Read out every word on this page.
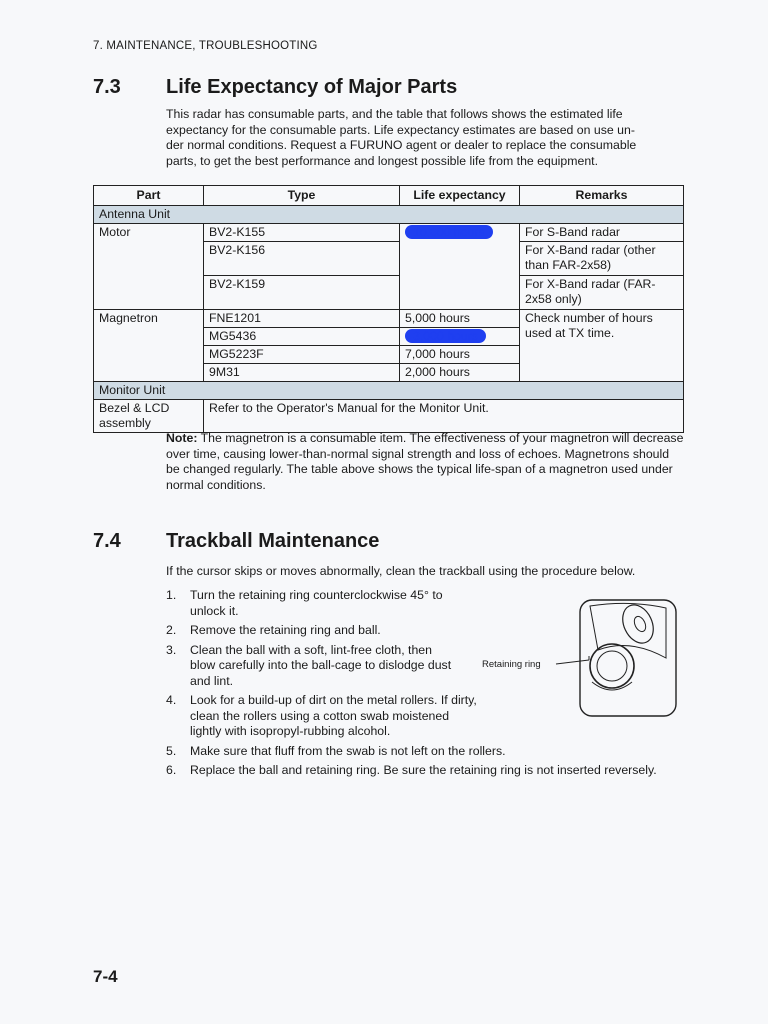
7. MAINTENANCE, TROUBLESHOOTING
7.3 Life Expectancy of Major Parts

This radar has consumable parts, and the table that follows shows the estimated life

expectancy for the consumable parts. Life expectancy estimates are based on use un-

der normal conditions. Request a FURUNO agent or dealer to replace the consumable

parts, to get the best performance and longest possible life from the equipment.

Part	Type	Life expectancy	Remarks
Antenna Unit			
Motor	BV2-K155	10,000 hours	For S-Band radar
	BV2-K156		For X-Band radar (other than FAR-2x58)
	BV2-K159		For X-Band radar (FAR-2x58 only)
Magnetron	FNE1201	5,000 hours	Check number of hours used at TX time.
	MG5436	3,000 hours	
	MG5223F	7,000 hours	
	9M31	2,000 hours	
Monitor Unit			
Bezel & LCD assembly	Refer to the Operator's Manual for the Monitor Unit.		
Note: The magnetron is a consumable item. The effectiveness of your magnetron will decrease over time, causing lower-than-normal signal strength and loss of echoes. Magnetrons should be changed regularly. The table above shows the typical life-span of a magnetron used under normal conditions.
7.4 Trackball Maintenance
If the cursor skips or moves abnormally, clean the trackball using the procedure below.
1. Turn the retaining ring counterclockwise 45° to unlock it.
2. Remove the retaining ring and ball.
3. Clean the ball with a soft, lint-free cloth, then blow carefully into the ball-cage to dislodge dust and lint.
4. Look for a build-up of dirt on the metal rollers. If dirty, clean the rollers using a cotton swab moistened lightly with isopropyl-rubbing alcohol.
5. Make sure that fluff from the swab is not left on the rollers.
6. Replace the ball and retaining ring. Be sure the retaining ring is not inserted reversely.
Retaining ring
7-4
